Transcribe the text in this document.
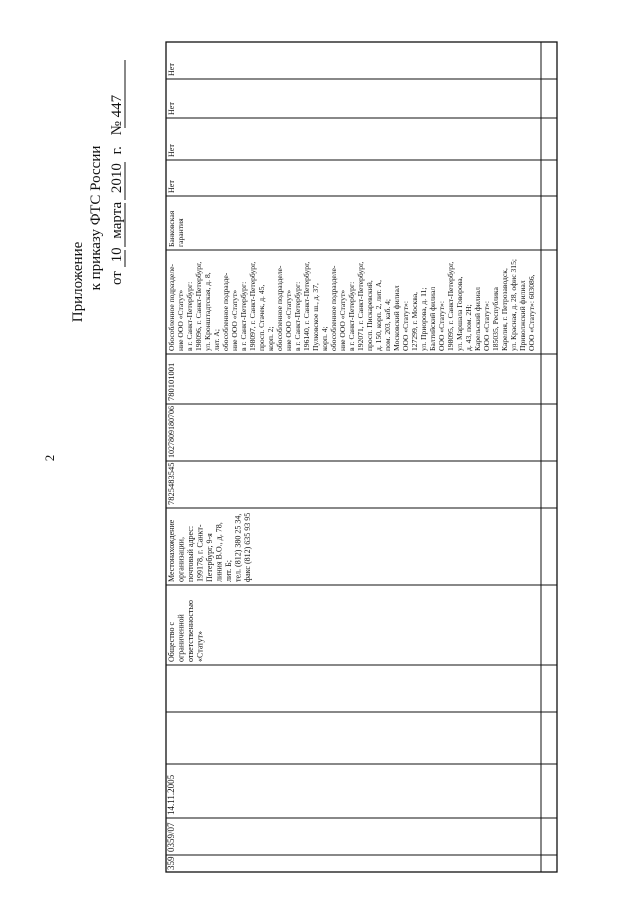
Приложение к приказу ФТС России от 10 марта 2010 г. № 447
2
359
0359/07
14.11.2005
Общество сограниченнойответственностью«Статут»
Местонахождениеорганизации,почтовый адрес:199178, г. Санкт-Петербург, 9-ялиния В.О., д. 78,лит. Б;тел. (812) 380 25 34,факс (812) 635 93 95
7825483545
1027809180706
780101001
Обособленное подразделе-ние ООО «Статут»в г. Санкт-Петербург:198096, г. Санкт-Петербург,ул. Кронштадтская, д. 8,лит. А;обособленное подразде-ние ООО «Статут»в г. Санкт-Петербург:198097, г. Санкт-Петербург,просп. Стачек, д. 45,корп. 2;обособленное подразделе-ние ООО «Статут»в г. Санкт-Петербург:196140, г. Санкт-Петербург,Пулковское ш., д. 37,корп. 4;обособленное подразделе-ние ООО «Статут»в г. Санкт-Петербург:192071, г. Санкт-Петербург,просп. Пискаревский,д. 150, корп. 2, лит. А,пом. 203, каб. 4;Московский филиалООО «Статут»:127299, г. Москва,ул. Приорова, д. 11;Балтийский филиалООО «Статут»:198095, г. Санкт-Петербург,ул. Маршала Говорова,д. 43, пом. 2Н;Карельский филиалООО «Статут»:185035, РеспубликаКарелия, г. Петрозаводск,ул. Красная, д. 28, офис 315;Приволжский филиалООО «Статут»: 603086,
Банковскаягарантия
Нет
Нет
Нет
Нет
